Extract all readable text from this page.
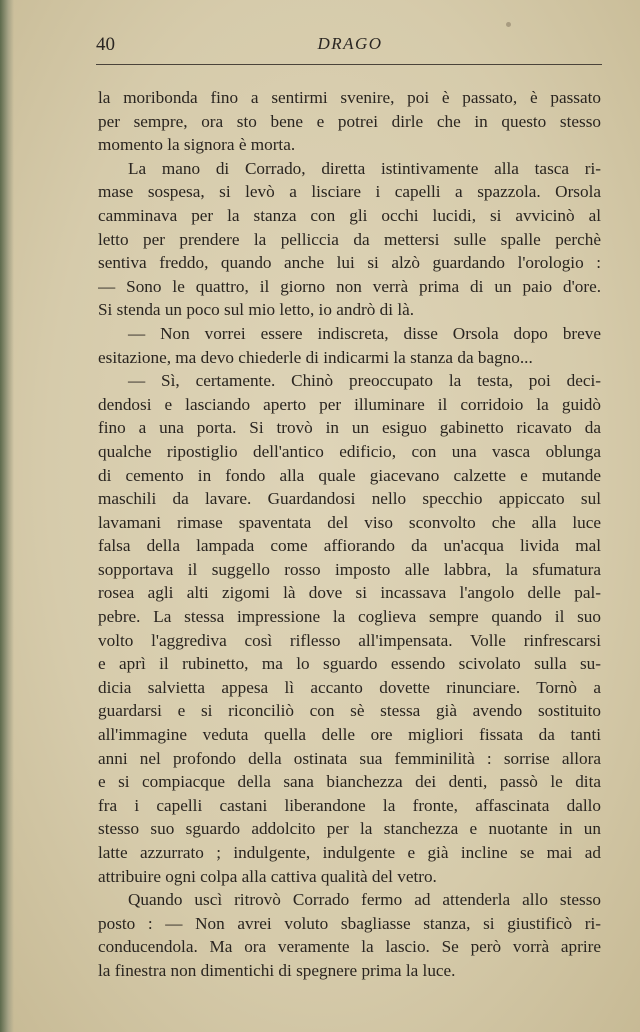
40	DRAGO
la moribonda fino a sentirmi svenire, poi è passato, è passato
per sempre, ora sto bene e potrei dirle che in questo stesso
momento la signora è morta.
La mano di Corrado, diretta istintivamente alla tasca ri-
mase sospesa, si levò a lisciare i capelli a spazzola. Orsola
camminava per la stanza con gli occhi lucidi, si avvicinò al
letto per prendere la pelliccia da mettersi sulle spalle perchè
sentiva freddo, quando anche lui si alzò guardando l'orologio :
— Sono le quattro, il giorno non verrà prima di un paio d'ore.
Si stenda un poco sul mio letto, io andrò di là.
— Non vorrei essere indiscreta, disse Orsola dopo breve
esitazione, ma devo chiederle di indicarmi la stanza da bagno...
— Sì, certamente. Chinò preoccupato la testa, poi deci-
dendosi e lasciando aperto per illuminare il corridoio la guidò
fino a una porta. Si trovò in un esiguo gabinetto ricavato da
qualche ripostiglio dell'antico edificio, con una vasca oblunga
di cemento in fondo alla quale giacevano calzette e mutande
maschili da lavare. Guardandosi nello specchio appiccato sul
lavamani rimase spaventata del viso sconvolto che alla luce
falsa della lampada come affiorando da un'acqua livida mal
sopportava il suggello rosso imposto alle labbra, la sfumatura
rosea agli alti zigomi là dove si incassava l'angolo delle pal-
pebre. La stessa impressione la coglieva sempre quando il suo
volto l'aggrediva così riflesso all'impensata. Volle rinfrescarsi
e aprì il rubinetto, ma lo sguardo essendo scivolato sulla su-
dicia salvietta appesa lì accanto dovette rinunciare. Tornò a
guardarsi e si riconciliò con sè stessa già avendo sostituito
all'immagine veduta quella delle ore migliori fissata da tanti
anni nel profondo della ostinata sua femminilità : sorrise allora
e si compiacque della sana bianchezza dei denti, passò le dita
fra i capelli castani liberandone la fronte, affascinata dallo
stesso suo sguardo addolcito per la stanchezza e nuotante in un
latte azzurrato ; indulgente, indulgente e già incline se mai ad
attribuire ogni colpa alla cattiva qualità del vetro.
Quando uscì ritrovò Corrado fermo ad attenderla allo stesso
posto : — Non avrei voluto sbagliasse stanza, si giustificò ri-
conducendola. Ma ora veramente la lascio. Se però vorrà aprire
la finestra non dimentichi di spegnere prima la luce.
